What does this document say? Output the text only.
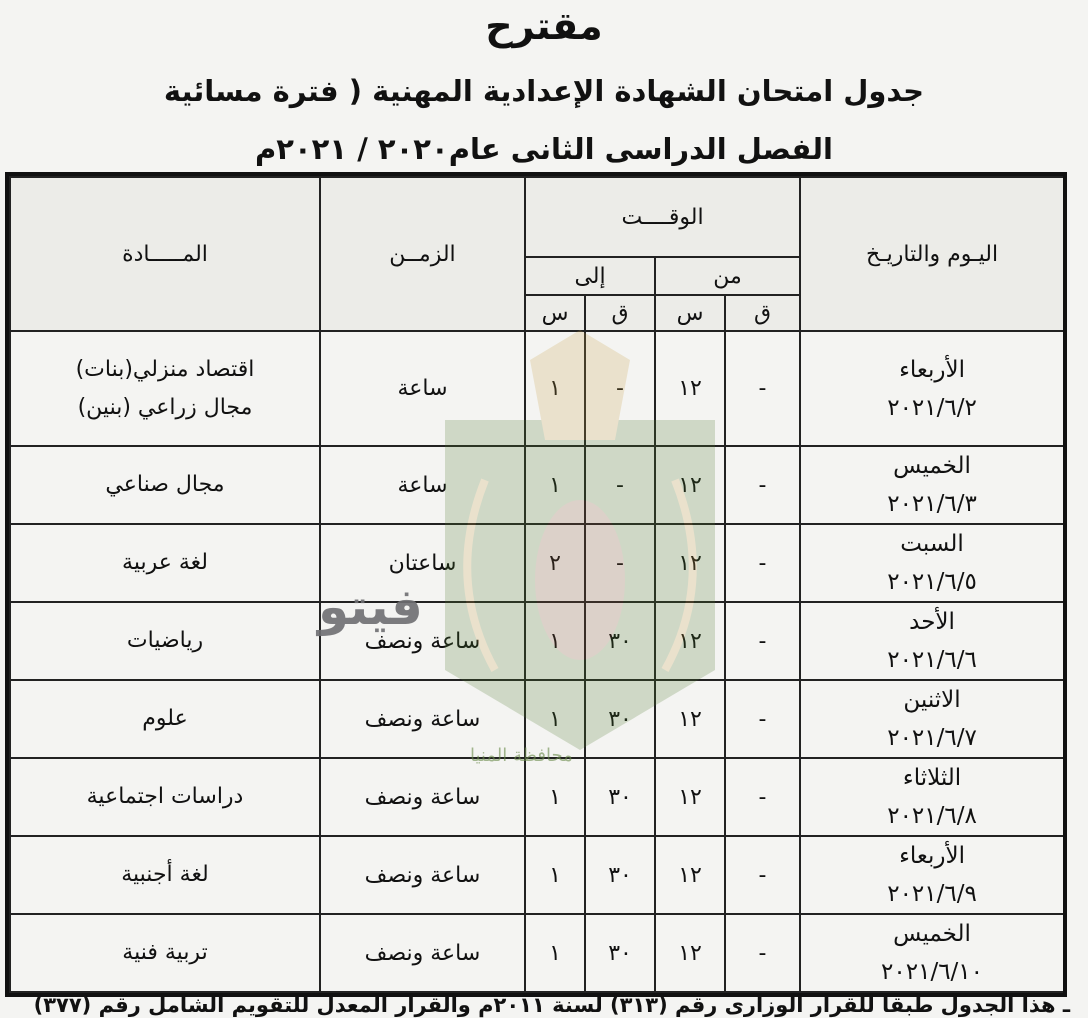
مقترح
جدول امتحان الشهادة الإعدادية المهنية ( فترة مسائية
الفصل الدراسى الثانى عام٢٠٢٠ / ٢٠٢١م
اليـوم والتاريـخ	الوقــــت				الزمــن	المـــــادة
	من		إلى			
	ق	س	ق	س		

الأربعاء
٢٠٢١/٦/٢	-	١٢	-	١	ساعة	اقتصاد منزلي(بنات)
مجال زراعي (بنين)

الخميس
٢٠٢١/٦/٣	-	١٢	-	١	ساعة	مجال صناعي

السبت
٢٠٢١/٦/٥	-	١٢	-	٢	ساعتان	لغة عربية

الأحد
٢٠٢١/٦/٦	-	١٢	٣٠	١	ساعة ونصف	رياضيات

الاثنين
٢٠٢١/٦/٧	-	١٢	٣٠	١	ساعة ونصف	علوم

الثلاثاء
٢٠٢١/٦/٨	-	١٢	٣٠	١	ساعة ونصف	دراسات اجتماعية

الأربعاء
٢٠٢١/٦/٩	-	١٢	٣٠	١	ساعة ونصف	لغة أجنبية

الخميس
٢٠٢١/٦/١٠	-	١٢	٣٠	١	ساعة ونصف	تربية فنية
فيتو
محافظة المنيا
ـ هذا الجدول طبقا للقرار الوزارى رقم (٣١٣) لسنة ٢٠١١م والقرار المعدل للتقويم الشامل رقم (٣٧٧)
